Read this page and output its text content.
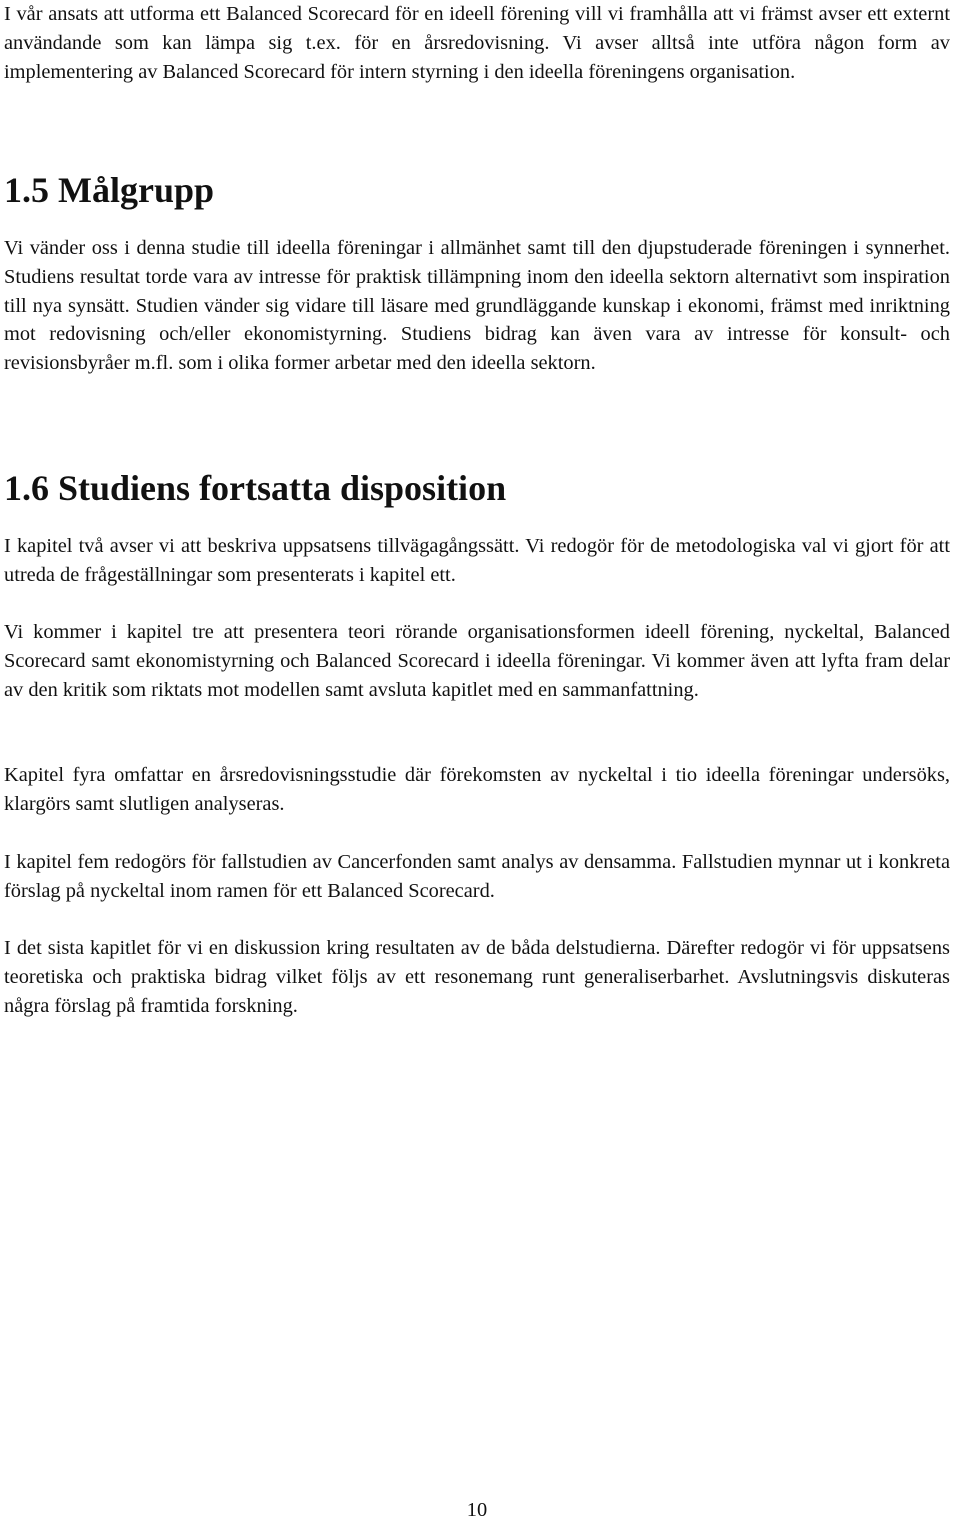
I vår ansats att utforma ett Balanced Scorecard för en ideell förening vill vi framhålla att vi främst avser ett externt användande som kan lämpa sig t.ex. för en årsredovisning. Vi avser alltså inte utföra någon form av implementering av Balanced Scorecard för intern styrning i den ideella föreningens organisation.

1.5 Målgrupp

Vi vänder oss i denna studie till ideella föreningar i allmänhet samt till den djupstuderade föreningen i synnerhet. Studiens resultat torde vara av intresse för praktisk tillämpning inom den ideella sektorn alternativt som inspiration till nya synsätt. Studien vänder sig vidare till läsare med grundläggande kunskap i ekonomi, främst med inriktning mot redovisning och/eller ekonomistyrning. Studiens bidrag kan även vara av intresse för konsult- och revisionsbyråer m.fl. som i olika former arbetar med den ideella sektorn.

1.6 Studiens fortsatta disposition

I kapitel två avser vi att beskriva uppsatsens tillvägagångssätt. Vi redogör för de metodologiska val vi gjort för att utreda de frågeställningar som presenterats i kapitel ett.

Vi kommer i kapitel tre att presentera teori rörande organisationsformen ideell förening, nyckeltal, Balanced Scorecard samt ekonomistyrning och Balanced Scorecard i ideella föreningar. Vi kommer även att lyfta fram delar av den kritik som riktats mot modellen samt avsluta kapitlet med en sammanfattning.

Kapitel fyra omfattar en årsredovisningsstudie där förekomsten av nyckeltal i tio ideella föreningar undersöks, klargörs samt slutligen analyseras.

I kapitel fem redogörs för fallstudien av Cancerfonden samt analys av densamma. Fallstudien mynnar ut i konkreta förslag på nyckeltal inom ramen för ett Balanced Scorecard.

I det sista kapitlet för vi en diskussion kring resultaten av de båda delstudierna. Därefter redogör vi för uppsatsens teoretiska och praktiska bidrag vilket följs av ett resonemang runt generaliserbarhet. Avslutningsvis diskuteras några förslag på framtida forskning.

10
